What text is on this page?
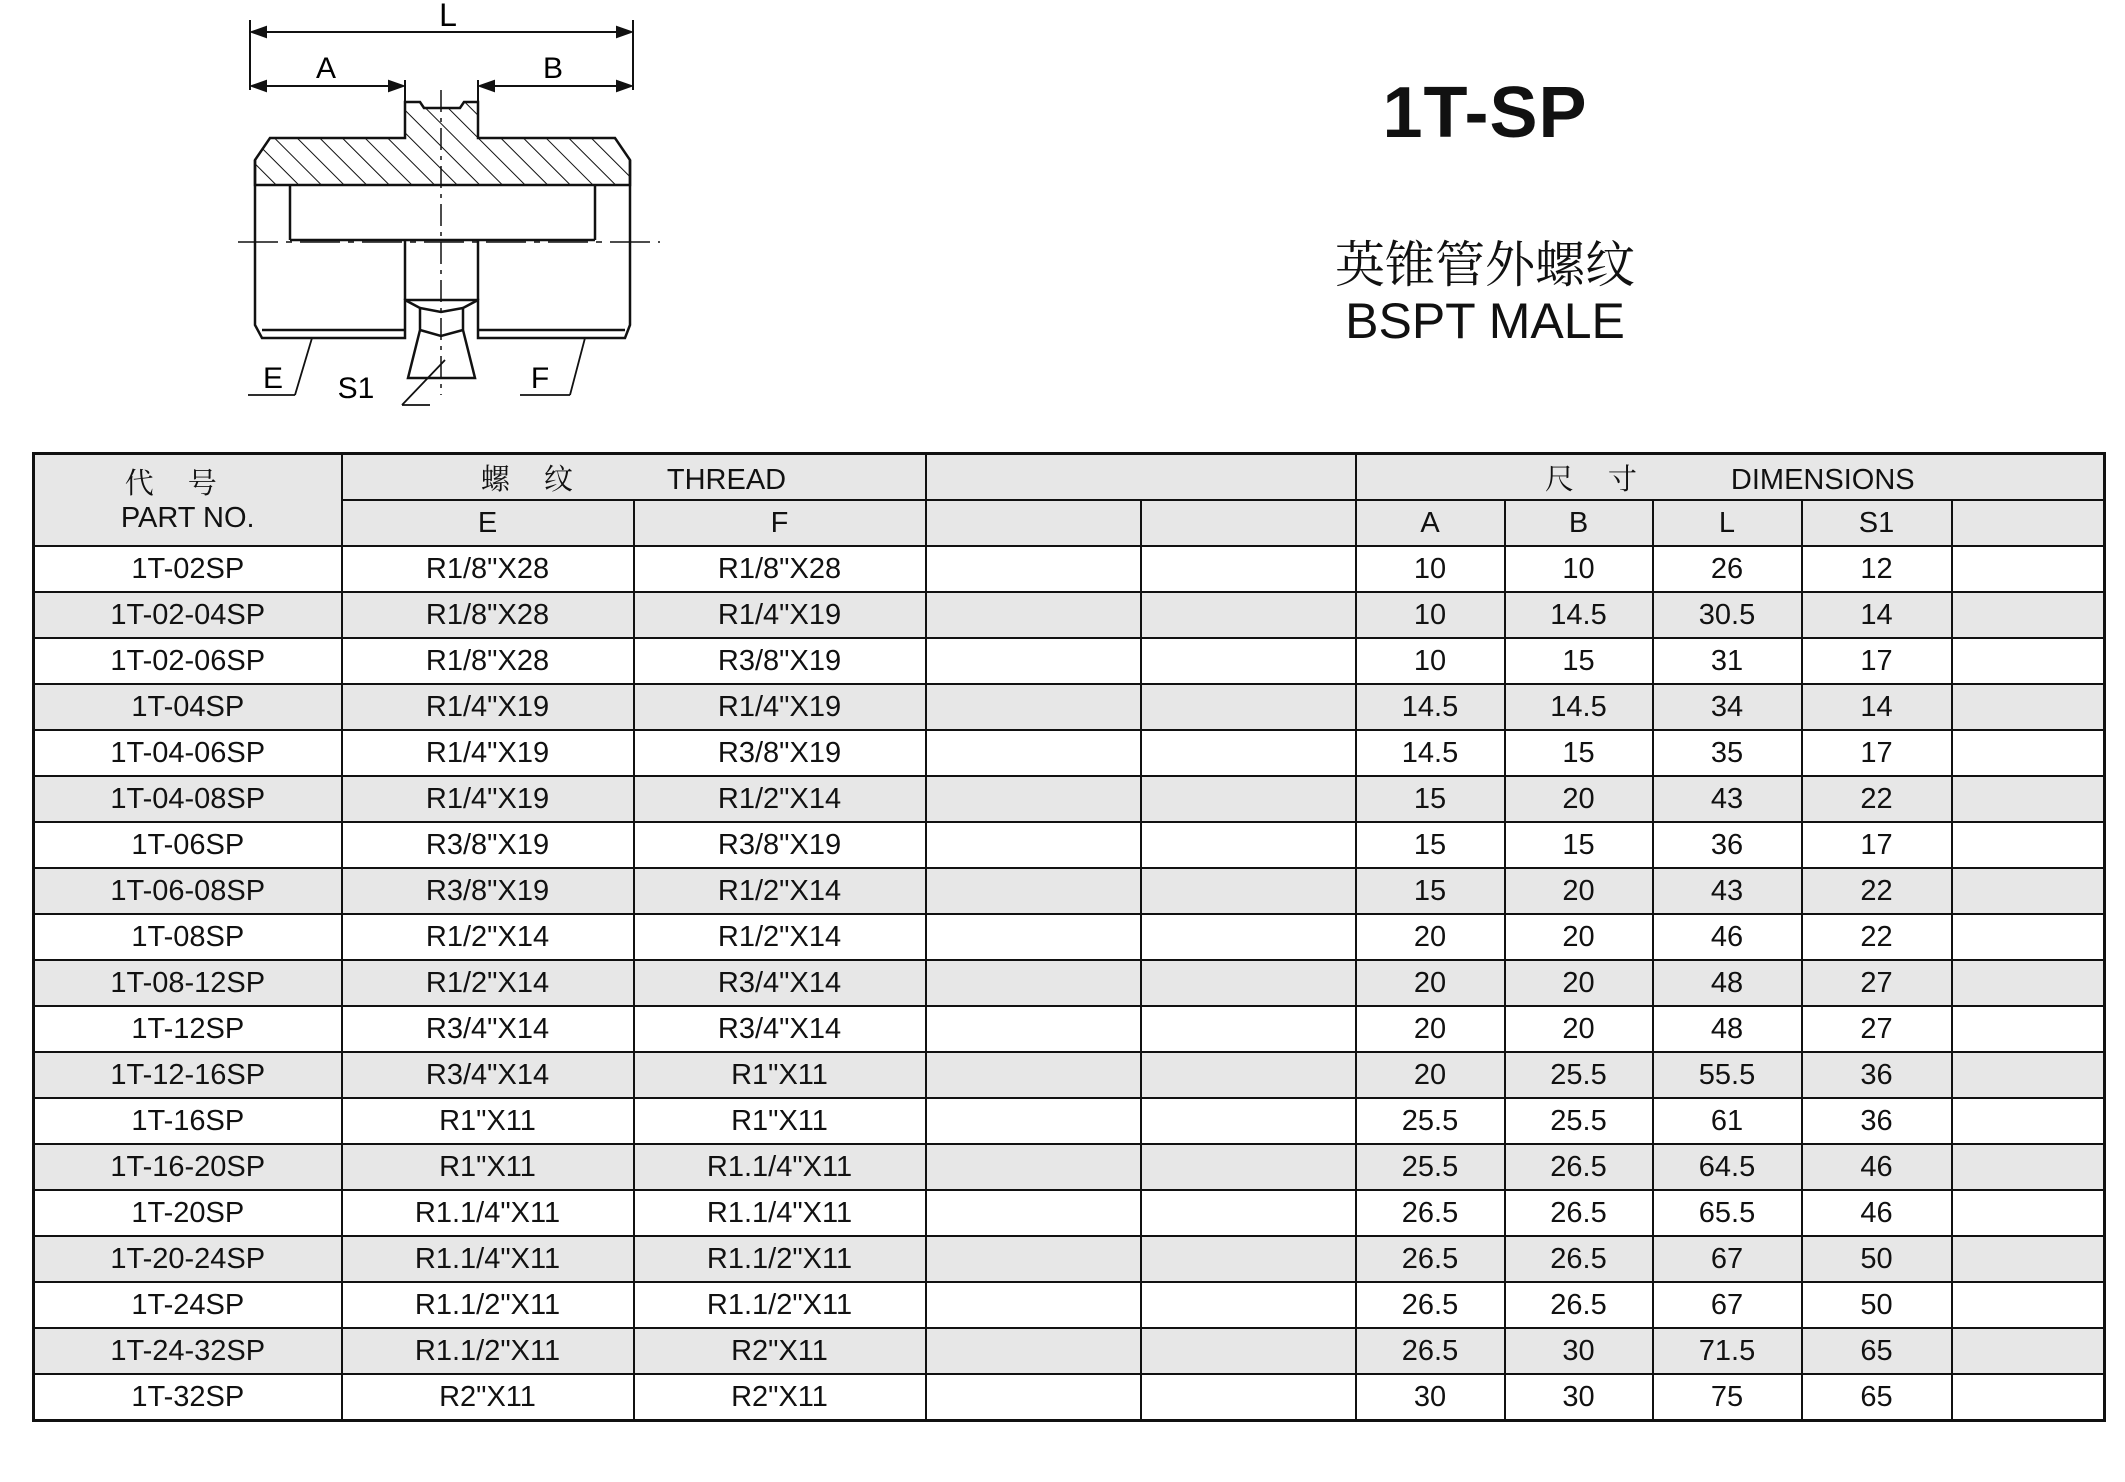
L
A	B
E S1	F
1T-SP
英锥管外螺纹
BSPT MALE
代号
PART NO.	螺纹 THREAD				尺寸 DIMENSIONS				
	E	F			A	B	L	S1	
1T-02SP	R1/8"X28	R1/8"X28			10	10	26	12	
1T-02-04SP	R1/8"X28	R1/4"X19			10	14.5	30.5	14	
1T-02-06SP	R1/8"X28	R3/8"X19			10	15	31	17	
1T-04SP	R1/4"X19	R1/4"X19			14.5	14.5	34	14	
1T-04-06SP	R1/4"X19	R3/8"X19			14.5	15	35	17	
1T-04-08SP	R1/4"X19	R1/2"X14			15	20	43	22	
1T-06SP	R3/8"X19	R3/8"X19			15	15	36	17	
1T-06-08SP	R3/8"X19	R1/2"X14			15	20	43	22	
1T-08SP	R1/2"X14	R1/2"X14			20	20	46	22	
1T-08-12SP	R1/2"X14	R3/4"X14			20	20	48	27	
1T-12SP	R3/4"X14	R3/4"X14			20	20	48	27	
1T-12-16SP	R3/4"X14	R1"X11			20	25.5	55.5	36	
1T-16SP	R1"X11	R1"X11			25.5	25.5	61	36	
1T-16-20SP	R1"X11	R1.1/4"X11			25.5	26.5	64.5	46	
1T-20SP	R1.1/4"X11	R1.1/4"X11			26.5	26.5	65.5	46	
1T-20-24SP	R1.1/4"X11	R1.1/2"X11			26.5	26.5	67	50	
1T-24SP	R1.1/2"X11	R1.1/2"X11			26.5	26.5	67	50	
1T-24-32SP	R1.1/2"X11	R2"X11			26.5	30	71.5	65	
1T-32SP	R2"X11	R2"X11			30	30	75	65	
